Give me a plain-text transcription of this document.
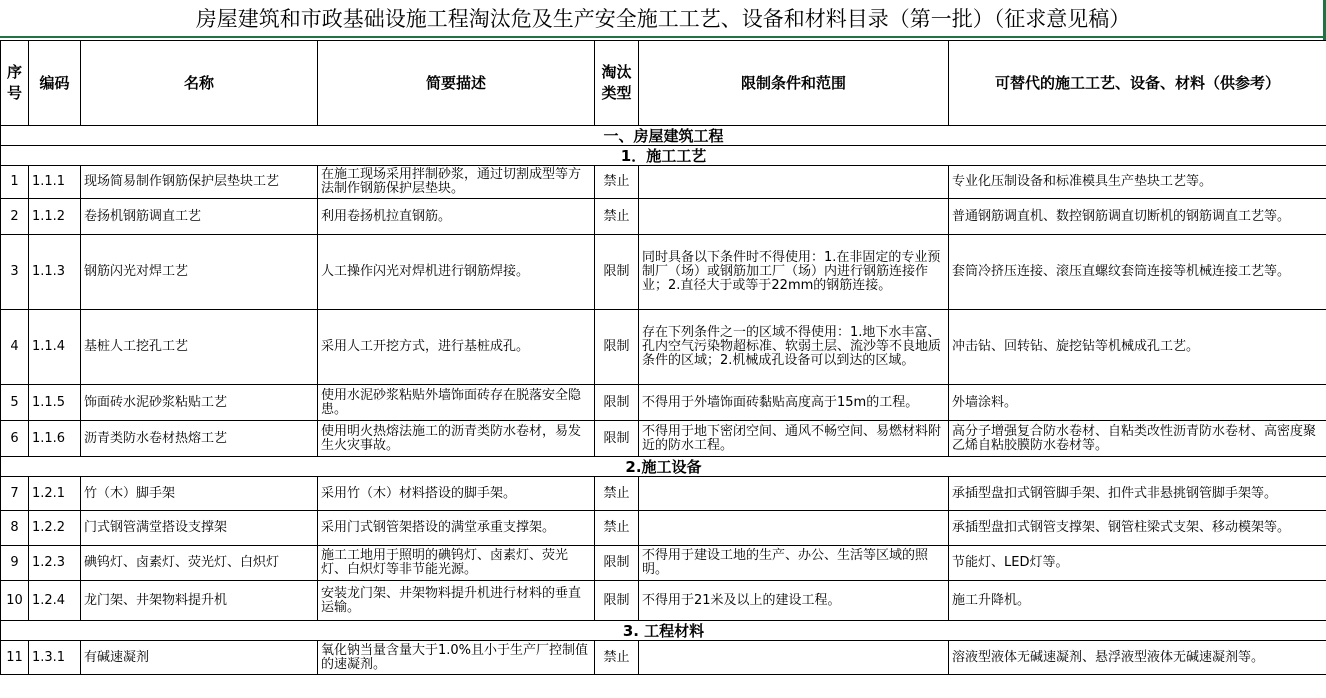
房屋建筑和市政基础设施工程淘汰危及生产安全施工工艺、设备和材料目录（第一批）（征求意见稿）
序号	编码	名称	简要描述	淘汰类型	限制条件和范围	可替代的施工工艺、设备、材料（供参考）
一、房屋建筑工程						
1．施工工艺						
1	1.1.1	现场简易制作钢筋保护层垫块工艺	在施工现场采用拌制砂浆，通过切割成型等方法制作钢筋保护层垫块。	禁止		专业化压制设备和标准模具生产垫块工艺等。
2	1.1.2	卷扬机钢筋调直工艺	利用卷扬机拉直钢筋。	禁止		普通钢筋调直机、数控钢筋调直切断机的钢筋调直工艺等。
3	1.1.3	钢筋闪光对焊工艺	人工操作闪光对焊机进行钢筋焊接。	限制	同时具备以下条件时不得使用：1.在非固定的专业预制厂（场）或钢筋加工厂（场）内进行钢筋连接作业；2.直径大于或等于22mm的钢筋连接。	套筒冷挤压连接、滚压直螺纹套筒连接等机械连接工艺等。
4	1.1.4	基桩人工挖孔工艺	采用人工开挖方式，进行基桩成孔。	限制	存在下列条件之一的区域不得使用：1.地下水丰富、孔内空气污染物超标准、软弱土层、流沙等不良地质条件的区域；2.机械成孔设备可以到达的区域。	冲击钻、回转钻、旋挖钻等机械成孔工艺。
5	1.1.5	饰面砖水泥砂浆粘贴工艺	使用水泥砂浆粘贴外墙饰面砖存在脱落安全隐患。	限制	不得用于外墙饰面砖黏贴高度高于15m的工程。	外墙涂料。
6	1.1.6	沥青类防水卷材热熔工艺	使用明火热熔法施工的沥青类防水卷材，易发生火灾事故。	限制	不得用于地下密闭空间、通风不畅空间、易燃材料附近的防水工程。	高分子增强复合防水卷材、自粘类改性沥青防水卷材、高密度聚乙烯自粘胶膜防水卷材等。
2.施工设备						
7	1.2.1	竹（木）脚手架	采用竹（木）材料搭设的脚手架。	禁止		承插型盘扣式钢管脚手架、扣件式非悬挑钢管脚手架等。
8	1.2.2	门式钢管满堂搭设支撑架	采用门式钢管架搭设的满堂承重支撑架。	禁止		承插型盘扣式钢管支撑架、钢管柱梁式支架、移动模架等。
9	1.2.3	碘钨灯、卤素灯、荧光灯、白炽灯	施工工地用于照明的碘钨灯、卤素灯、荧光灯、白炽灯等非节能光源。	限制	不得用于建设工地的生产、办公、生活等区域的照明。	节能灯、LED灯等。
10	1.2.4	龙门架、井架物料提升机	安装龙门架、井架物料提升机进行材料的垂直运输。	限制	不得用于21米及以上的建设工程。	施工升降机。
3. 工程材料						
11	1.3.1	有碱速凝剂	氧化钠当量含量大于1.0%且小于生产厂控制值的速凝剂。	禁止		溶液型液体无碱速凝剂、悬浮液型液体无碱速凝剂等。
